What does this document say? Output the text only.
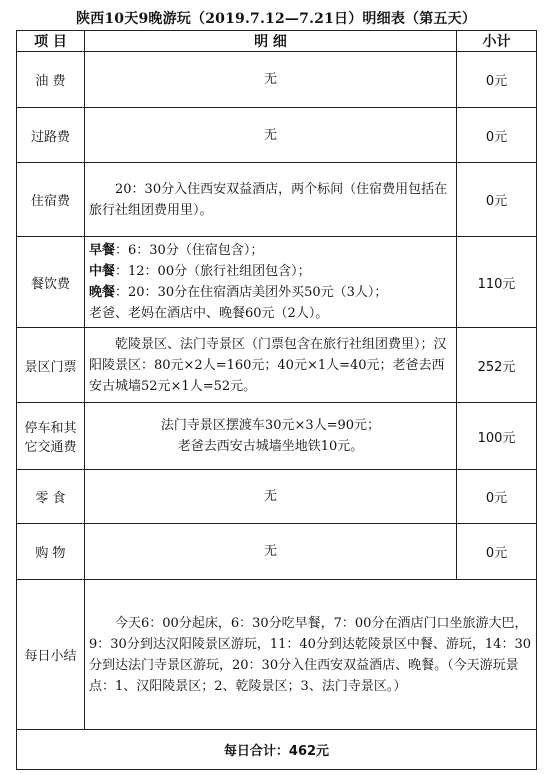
陕西10天9晚游玩（2019.7.12—7.21日）明细表（第五天）
项 目	明 细	小计
油 费	无	0元
过路费	无	0元
住宿费	20：30分入住西安双益酒店，两个标间（住宿费用包括在旅行社组团费用里）。	0元
餐饮费	早餐：6：30分（住宿包含）；
中餐：12：00分（旅行社组团包含）；
晚餐：20：30分在住宿酒店美团外买50元（3人）；
老爸、老妈在酒店中、晚餐60元（2人）。	110元
景区门票	乾陵景区、法门寺景区（门票包含在旅行社组团费里）；汉阳陵景区：80元×2人=160元；40元×1人=40元；老爸去西安古城墙52元×1人=52元。	252元
停车和其它交通费	法门寺景区摆渡车30元×3人=90元；
老爸去西安古城墙坐地铁10元。	100元
零 食	无	0元
购 物	无	0元
每日小结	今天6：00分起床，6：30分吃早餐，7：00分在酒店门口坐旅游大巴，9：30分到达汉阳陵景区游玩，11：40分到达乾陵景区中餐、游玩，14：30分到达法门寺景区游玩，20：30分入住西安双益酒店、晚餐。（今天游玩景点：1、汉阳陵景区；2、乾陵景区；3、法门寺景区。）	
每日合计：462元		
